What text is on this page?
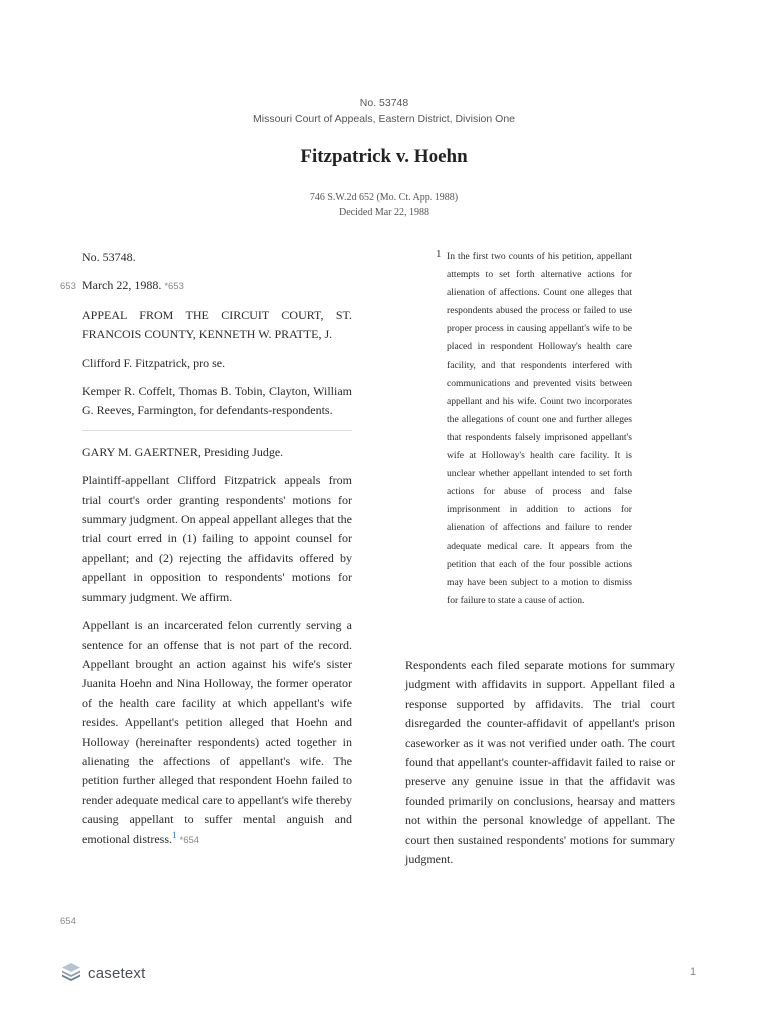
No. 53748
Missouri Court of Appeals, Eastern District, Division One
Fitzpatrick v. Hoehn
746 S.W.2d 652 (Mo. Ct. App. 1988)
Decided Mar 22, 1988
653
654

No. 53748.

March 22, 1988. *653

APPEAL FROM THE CIRCUIT COURT, ST. FRANCOIS COUNTY, KENNETH W. PRATTE, J.

Clifford F. Fitzpatrick, pro se.

Kemper R. Coffelt, Thomas B. Tobin, Clayton, William G. Reeves, Farmington, for defendants-respondents.

GARY M. GAERTNER, Presiding Judge.

Plaintiff-appellant Clifford Fitzpatrick appeals from trial court's order granting respondents' motions for summary judgment. On appeal appellant alleges that the trial court erred in (1) failing to appoint counsel for appellant; and (2) rejecting the affidavits offered by appellant in opposition to respondents' motions for summary judgment. We affirm.

Appellant is an incarcerated felon currently serving a sentence for an offense that is not part of the record. Appellant brought an action against his wife's sister Juanita Hoehn and Nina Holloway, the former operator of the health care facility at which appellant's wife resides. Appellant's petition alleged that Hoehn and Holloway (hereinafter respondents) acted together in alienating the affections of appellant's wife. The petition further alleged that respondent Hoehn failed to render adequate medical care to appellant's wife thereby causing appellant to suffer mental anguish and emotional distress.$^1$ *654

1 In the first two counts of his petition, appellant attempts to set forth alternative actions for alienation of affections. Count one alleges that respondents abused the process or failed to use proper process in causing appellant's wife to be placed in respondent Holloway's health care facility, and that respondents interfered with communications and prevented visits between appellant and his wife. Count two incorporates the allegations of count one and further alleges that respondents falsely imprisoned appellant's wife at Holloway's health care facility. It is unclear whether appellant intended to set forth actions for abuse of process and false imprisonment in addition to actions for alienation of affections and failure to render adequate medical care. It appears from the petition that each of the four possible actions may have been subject to a motion to dismiss for failure to state a cause of action.
Respondents each filed separate motions for summary judgment with affidavits in support. Appellant filed a response supported by affidavits. The trial court disregarded the counter-affidavit of appellant's prison caseworker as it was not verified under oath. The court found that appellant's counter-affidavit failed to raise or preserve any genuine issue in that the affidavit was founded primarily on conclusions, hearsay and matters not within the personal knowledge of appellant. The court then sustained respondents' motions for summary judgment.
casetext	1
